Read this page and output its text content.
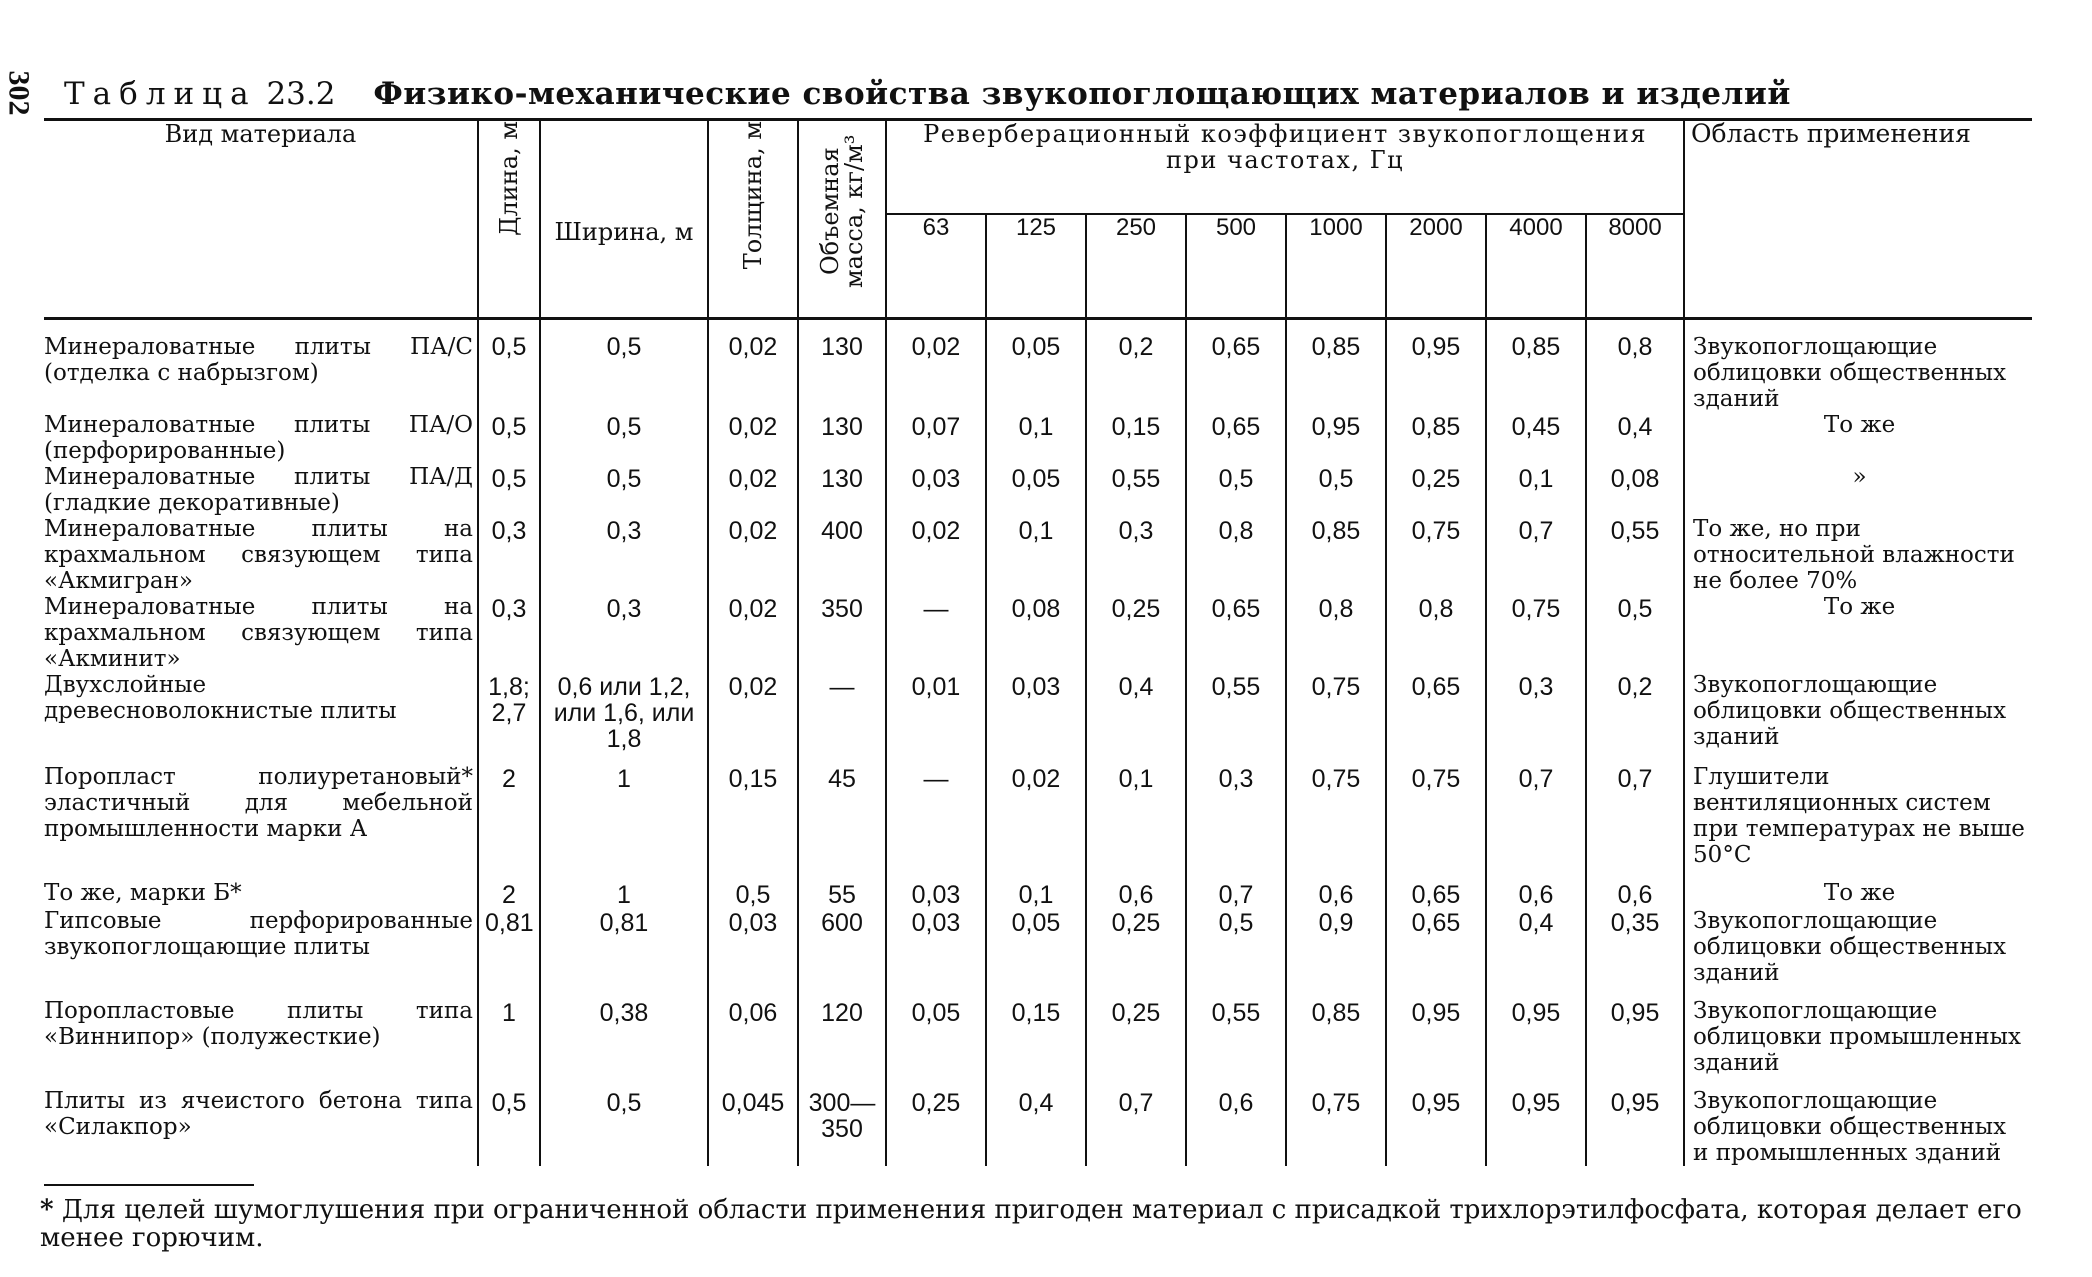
302 Таблица 23.2 Физико-механические свойства звукопоглощающих материалов и изделий
Вид материала	Длина, м	Ширина, м	Толщина, м	Объемная масса, кг/м³	Реверберационный коэффициент звукопоглощения при частотах, Гц								Область применения
					63	125	250	500	1000	2000	4000	8000	
Минераловатные плиты ПА/С (отделка с набрызгом)	0,5	0,5	0,02	130	0,02	0,05	0,2	0,65	0,85	0,95	0,85	0,8	Звукопоглощающие облицовки общественных зданий
Минераловатные плиты ПА/О (перфорированные)	0,5	0,5	0,02	130	0,07	0,1	0,15	0,65	0,95	0,85	0,45	0,4	То же
Минераловатные плиты ПА/Д (гладкие декоративные)	0,5	0,5	0,02	130	0,03	0,05	0,55	0,5	0,5	0,25	0,1	0,08	»
Минераловатные плиты на крахмальном связующем типа «Акмигран»	0,3	0,3	0,02	400	0,02	0,1	0,3	0,8	0,85	0,75	0,7	0,55	То же, но при относительной влажности не более 70%
Минераловатные плиты на крахмальном связующем типа «Акминит»	0,3	0,3	0,02	350	—	0,08	0,25	0,65	0,8	0,8	0,75	0,5	То же
Двухслойные древесноволокнистые плиты	1,8; 2,7	0,6 или 1,2, или 1,6, или 1,8	0,02	—	0,01	0,03	0,4	0,55	0,75	0,65	0,3	0,2	Звукопоглощающие облицовки общественных зданий
Поропласт полиуретановый* эластичный для мебельной промышленности марки А	2	1	0,15	45	—	0,02	0,1	0,3	0,75	0,75	0,7	0,7	Глушители вентиляционных систем при температурах не выше 50°С
То же, марки Б*	2	1	0,5	55	0,03	0,1	0,6	0,7	0,6	0,65	0,6	0,6	То же
Гипсовые перфорированные звукопоглощающие плиты	0,81	0,81	0,03	600	0,03	0,05	0,25	0,5	0,9	0,65	0,4	0,35	Звукопоглощающие облицовки общественных зданий
Поропластовые плиты типа «Виннипор» (полужесткие)	1	0,38	0,06	120	0,05	0,15	0,25	0,55	0,85	0,95	0,95	0,95	Звукопоглощающие облицовки промышленных зданий
Плиты из ячеистого бетона типа «Силакпор»	0,5	0,5	0,045	300—350	0,25	0,4	0,7	0,6	0,75	0,95	0,95	0,95	Звукопоглощающие облицовки общественных и промышленных зданий
* Для целей шумоглушения при ограниченной области применения пригоден материал с присадкой трихлорэтилфосфата, которая делает его менее горючим.
